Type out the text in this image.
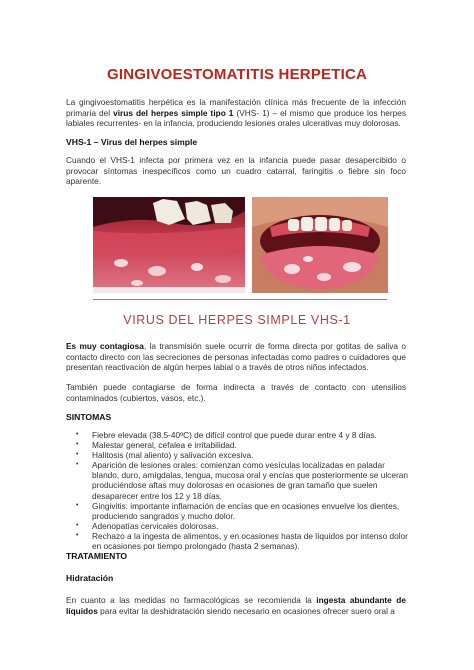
GINGIVOESTOMATITIS HERPETICA
La gingivoestomatitis herpética es la manifestación clínica más frecuente de la infección primaria del virus del herpes simple tipo 1 (VHS- 1) – el mismo que produce los herpes labiales recurrentes- en la infancia, produciendo lesiones orales ulcerativas muy dolorosas.
VHS-1 – Virus del herpes simple
Cuando el VHS-1 infecta por primera vez en la infancia puede pasar desapercibido o provocar síntomas inespecíficos como un cuadro catarral, faringitis o fiebre sin foco aparente.
VIRUS DEL HERPES SIMPLE VHS-1
Es muy contagiosa, la transmisión suele ocurrir de forma directa por gotitas de saliva o contacto directo con las secreciones de personas infectadas como padres o cuidadores que presentan reactivación de algún herpes labial o a través de otros niños infectados.
También puede contagiarse de forma indirecta a través de contacto con utensilios contaminados (cubiertos, vasos, etc.).
SINTOMAS
• Fiebre elevada (38.5-40ºC) de difícil control que puede durar entre 4 y 8 días.
• Malestar general, cefalea e irritabilidad.
• Halitosis (mal aliento) y salivación excesiva.
• Aparición de lesiones orales: comienzan como vesículas localizadas en paladar blando, duro, amígdalas, lengua, mucosa oral y encías que posteriormente se ulceran produciéndose aftas muy dolorosas en ocasiones de gran tamaño que suelen desaparecer entre los 12 y 18 días.
• Gingivitis: importante inflamación de encías que en ocasiones envuelve los dientes, produciendo sangrados y mucho dolor.
• Adenopatías cervicales dolorosas.
• Rechazo a la ingesta de alimentos, y en ocasiones hasta de líquidos por intenso dolor en ocasiones por tiempo prolongado (hasta 2 semanas).
TRATAMIENTO
Hidratación
En cuanto a las medidas no farmacológicas se recomienda la ingesta abundante de líquidos para evitar la deshidratación siendo necesario en ocasiones ofrecer suero oral a
